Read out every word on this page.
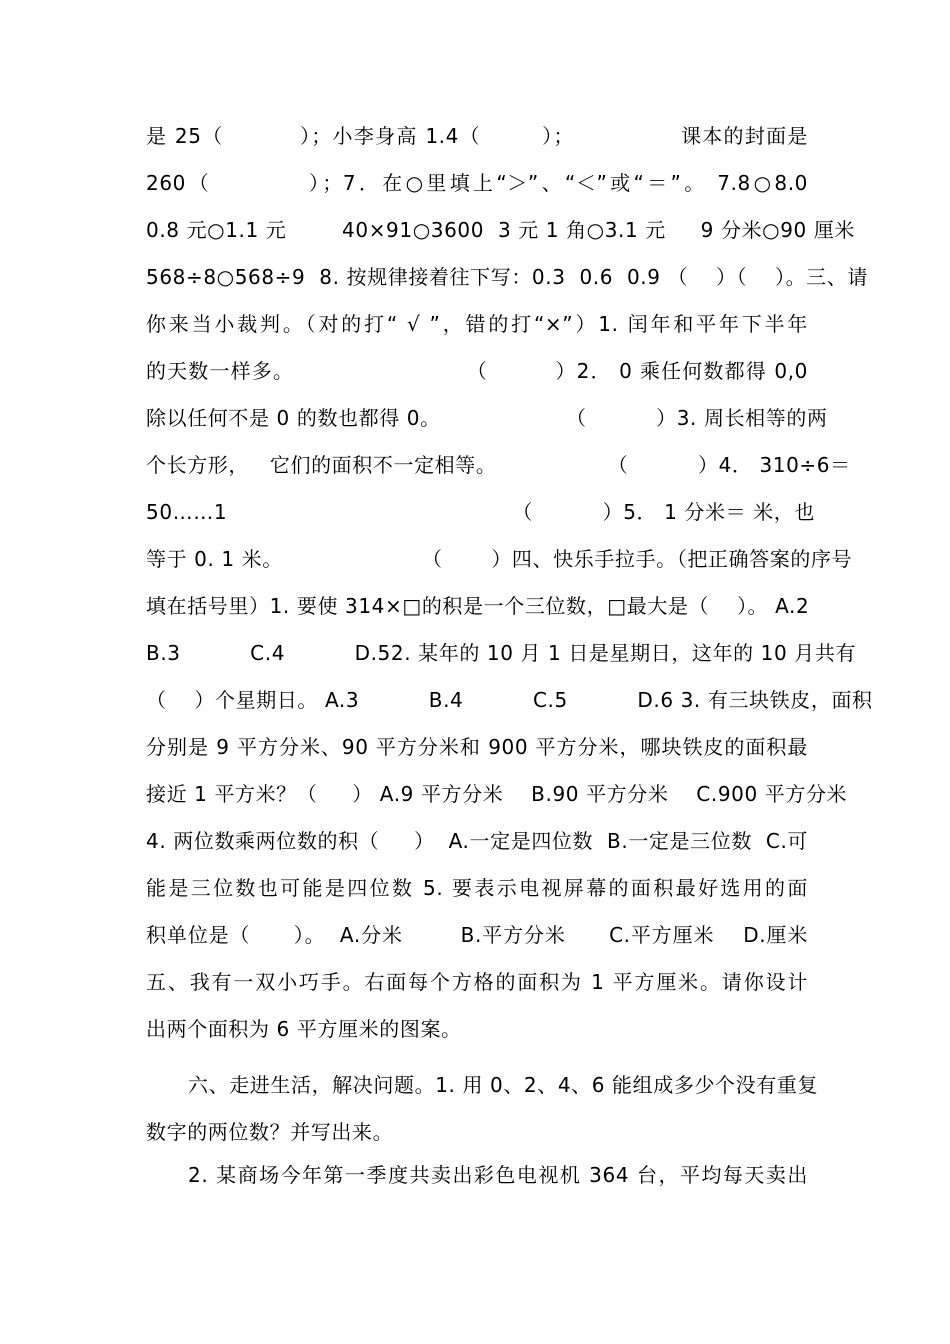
是 25（          ）；小李身高 1.4（        ）；              课本的封面是
260（          ）；7．在○里填上“＞”、“＜”或“＝”。 7.8○8.0
0.8 元○1.1 元        40×91○3600  3 元 1 角○3.1 元     9 分米○90 厘米
568÷8○568÷9  8. 按规律接着往下写：0.3  0.6  0.9 （    ）（    ）。三、请
你来当小裁判。（对的打“ √ ”，错的打“×”）1. 闰年和平年下半年
的天数一样多。                       （         ）2． 0 乘任何数都得 0,0
除以任何不是 0 的数也都得 0。                  （          ）3. 周长相等的两
个长方形，   它们的面积不一定相等。                （          ）4． 310÷6＝
50……1                                         （          ）5． 1 分米＝ 米，也
等于 0. 1 米。                    （       ）四、快乐手拉手。（把正确答案的序号
填在括号里）1. 要使 314×□的积是一个三位数，□最大是（    ）。 A.2
B.3          C.4          D.52. 某年的 10 月 1 日是星期日，这年的 10 月共有
（    ）个星期日。 A.3          B.4          C.5          D.6 3. 有三块铁皮，面积
分别是 9 平方分米、90 平方分米和 900 平方分米，哪块铁皮的面积最
接近 1 平方米？（     ） A.9 平方分米    B.90 平方分米    C.900 平方分米
4. 两位数乘两位数的积（     ）  A.一定是四位数  B.一定是三位数  C.可
能是三位数也可能是四位数 5. 要表示电视屏幕的面积最好选用的面
积单位是（      ）。  A.分米        B.平方分米      C.平方厘米    D.厘米
五、我有一双小巧手。右面每个方格的面积为 1 平方厘米。请你设计
出两个面积为 6 平方厘米的图案。
六、走进生活，解决问题。1. 用 0、2、4、6 能组成多少个没有重复
数字的两位数？并写出来。
2. 某商场今年第一季度共卖出彩色电视机 364 台，平均每天卖出
